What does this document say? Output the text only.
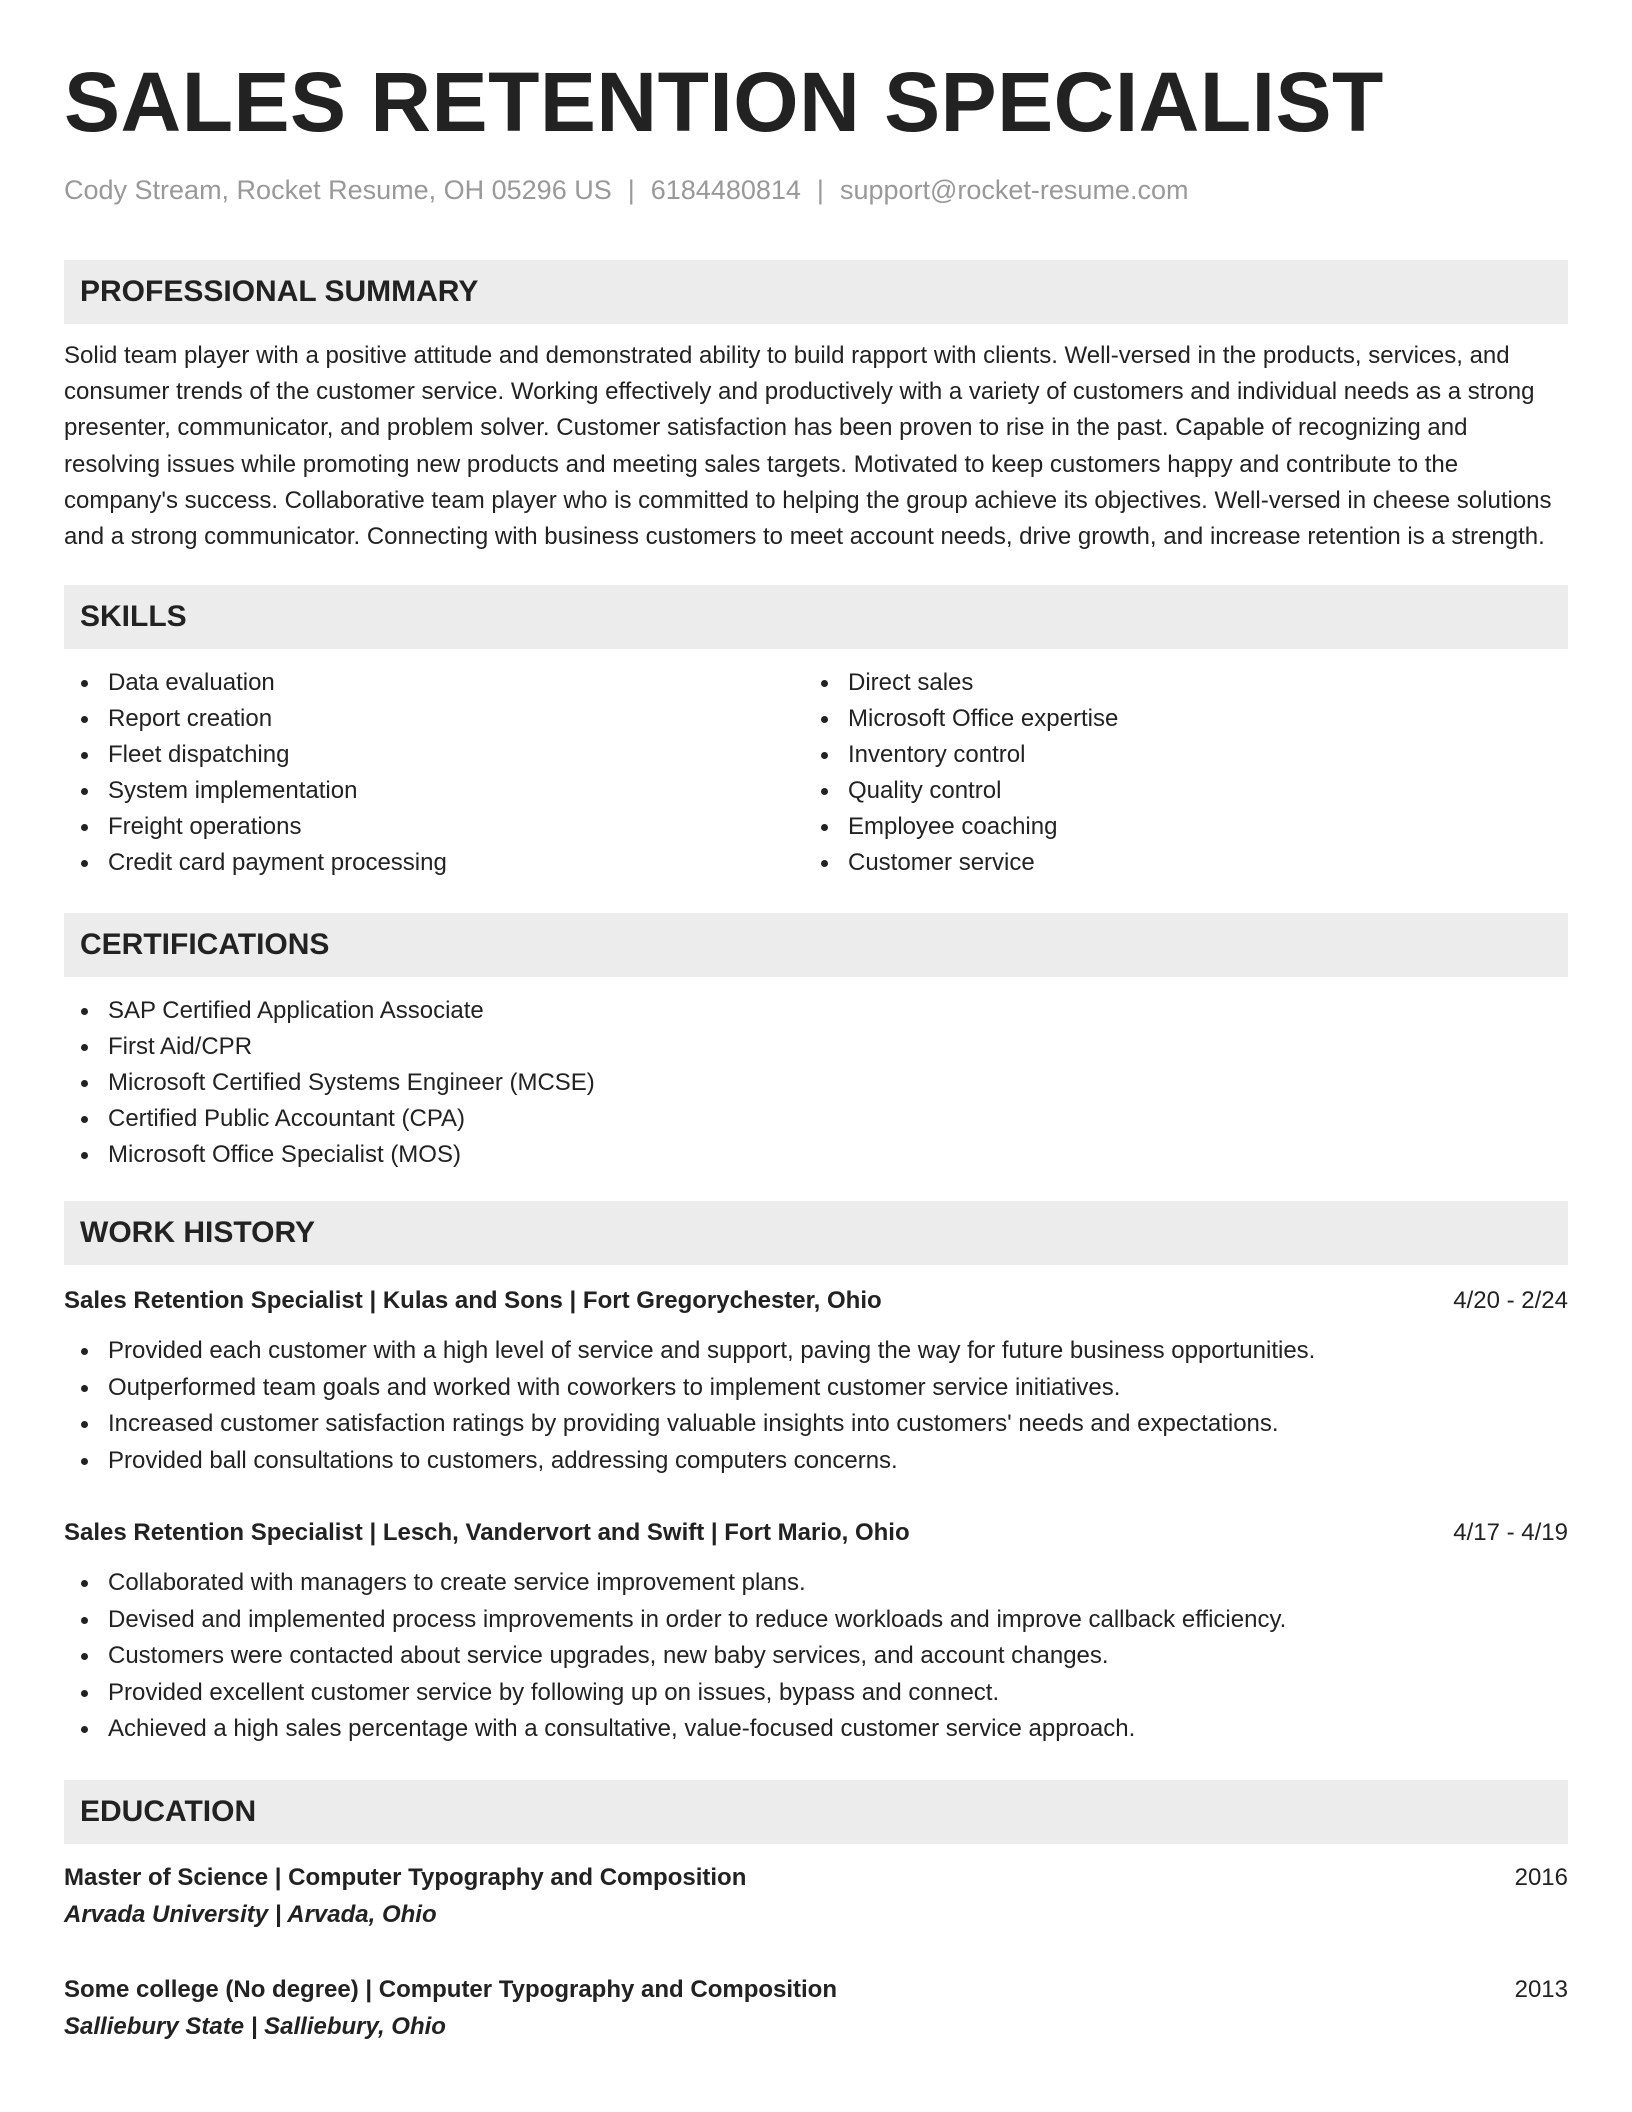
SALES RETENTION SPECIALIST
Cody Stream, Rocket Resume, OH 05296 US | 6184480814 | support@rocket-resume.com
PROFESSIONAL SUMMARY

Solid team player with a positive attitude and demonstrated ability to build rapport with clients. Well-versed in the products, services, and consumer trends of the customer service. Working effectively and productively with a variety of customers and individual needs as a strong presenter, communicator, and problem solver. Customer satisfaction has been proven to rise in the past. Capable of recognizing and resolving issues while promoting new products and meeting sales targets. Motivated to keep customers happy and contribute to the company's success. Collaborative team player who is committed to helping the group achieve its objectives. Well-versed in cheese solutions and a strong communicator. Connecting with business customers to meet account needs, drive growth, and increase retention is a strength.

SKILLS
Data evaluation
Report creation
Fleet dispatching
System implementation
Freight operations
Credit card payment processing
Direct sales
Microsoft Office expertise
Inventory control
Quality control
Employee coaching
Customer service
CERTIFICATIONS
SAP Certified Application Associate
First Aid/CPR
Microsoft Certified Systems Engineer (MCSE)
Certified Public Accountant (CPA)
Microsoft Office Specialist (MOS)
WORK HISTORY
Sales Retention Specialist | Kulas and Sons | Fort Gregorychester, Ohio	4/20 - 2/24
Provided each customer with a high level of service and support, paving the way for future business opportunities.
Outperformed team goals and worked with coworkers to implement customer service initiatives.
Increased customer satisfaction ratings by providing valuable insights into customers' needs and expectations.
Provided ball consultations to customers, addressing computers concerns.
Sales Retention Specialist | Lesch, Vandervort and Swift | Fort Mario, Ohio	4/17 - 4/19
Collaborated with managers to create service improvement plans.
Devised and implemented process improvements in order to reduce workloads and improve callback efficiency.
Customers were contacted about service upgrades, new baby services, and account changes.
Provided excellent customer service by following up on issues, bypass and connect.
Achieved a high sales percentage with a consultative, value-focused customer service approach.
EDUCATION
Master of Science | Computer Typography and Composition	2016
Arvada University | Arvada, Ohio
Some college (No degree) | Computer Typography and Composition	2013
Salliebury State | Salliebury, Ohio
